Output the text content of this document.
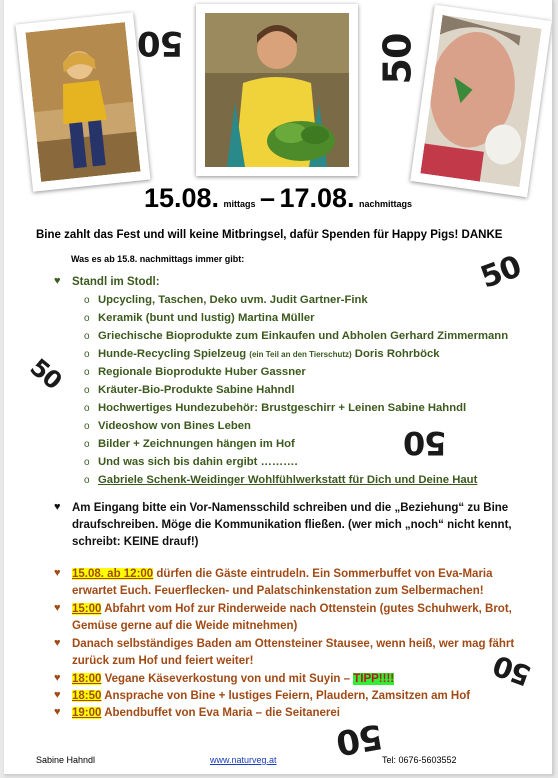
50	50
50
50
50
50
50
15.08. mittags – 17.08. nachmittags
Bine zahlt das Fest und will keine Mitbringsel, dafür Spenden für Happy Pigs! DANKE
Was es ab 15.8. nachmittags immer gibt:
♥ Standl im Stodl:
o Upcycling, Taschen, Deko uvm. Judit Gartner-Fink
o Keramik (bunt und lustig) Martina Müller
o Griechische Bioprodukte zum Einkaufen und Abholen Gerhard Zimmermann
o Hunde-Recycling Spielzeug (ein Teil an den Tierschutz) Doris Rohrböck
o Regionale Bioprodukte Huber Gassner
o Kräuter-Bio-Produkte Sabine Hahndl
o Hochwertiges Hundezubehör: Brustgeschirr + Leinen Sabine Hahndl
o Videoshow von Bines Leben
o Bilder + Zeichnungen hängen im Hof
o Und was sich bis dahin ergibt ……….
o Gabriele Schenk-Weidinger Wohlfühlwerkstatt für Dich und Deine Haut
♥ Am Eingang bitte ein Vor-Namensschild schreiben und die „Beziehung“ zu Bine
draufschreiben. Möge die Kommunikation fließen. (wer mich „noch“ nicht kennt,
schreibt: KEINE drauf!)
♥ 15.08. ab 12:00 dürfen die Gäste eintrudeln. Ein Sommerbuffet von Eva-Maria
erwartet Euch. Feuerflecken- und Palatschinkenstation zum Selbermachen!
♥ 15:00 Abfahrt vom Hof zur Rinderweide nach Ottenstein (gutes Schuhwerk, Brot,
Gemüse gerne auf die Weide mitnehmen)
♥ Danach selbständiges Baden am Ottensteiner Stausee, wenn heiß, wer mag fährt
zurück zum Hof und feiert weiter!
♥ 18:00 Vegane Käseverkostung von und mit Suyin – TIPP!!!!
♥ 18:50 Ansprache von Bine + lustiges Feiern, Plaudern, Zamsitzen am Hof
♥ 19:00 Abendbuffet von Eva Maria – die Seitanerei
Sabine Hahndl	www.naturveg.at	Tel: 0676-5603552
